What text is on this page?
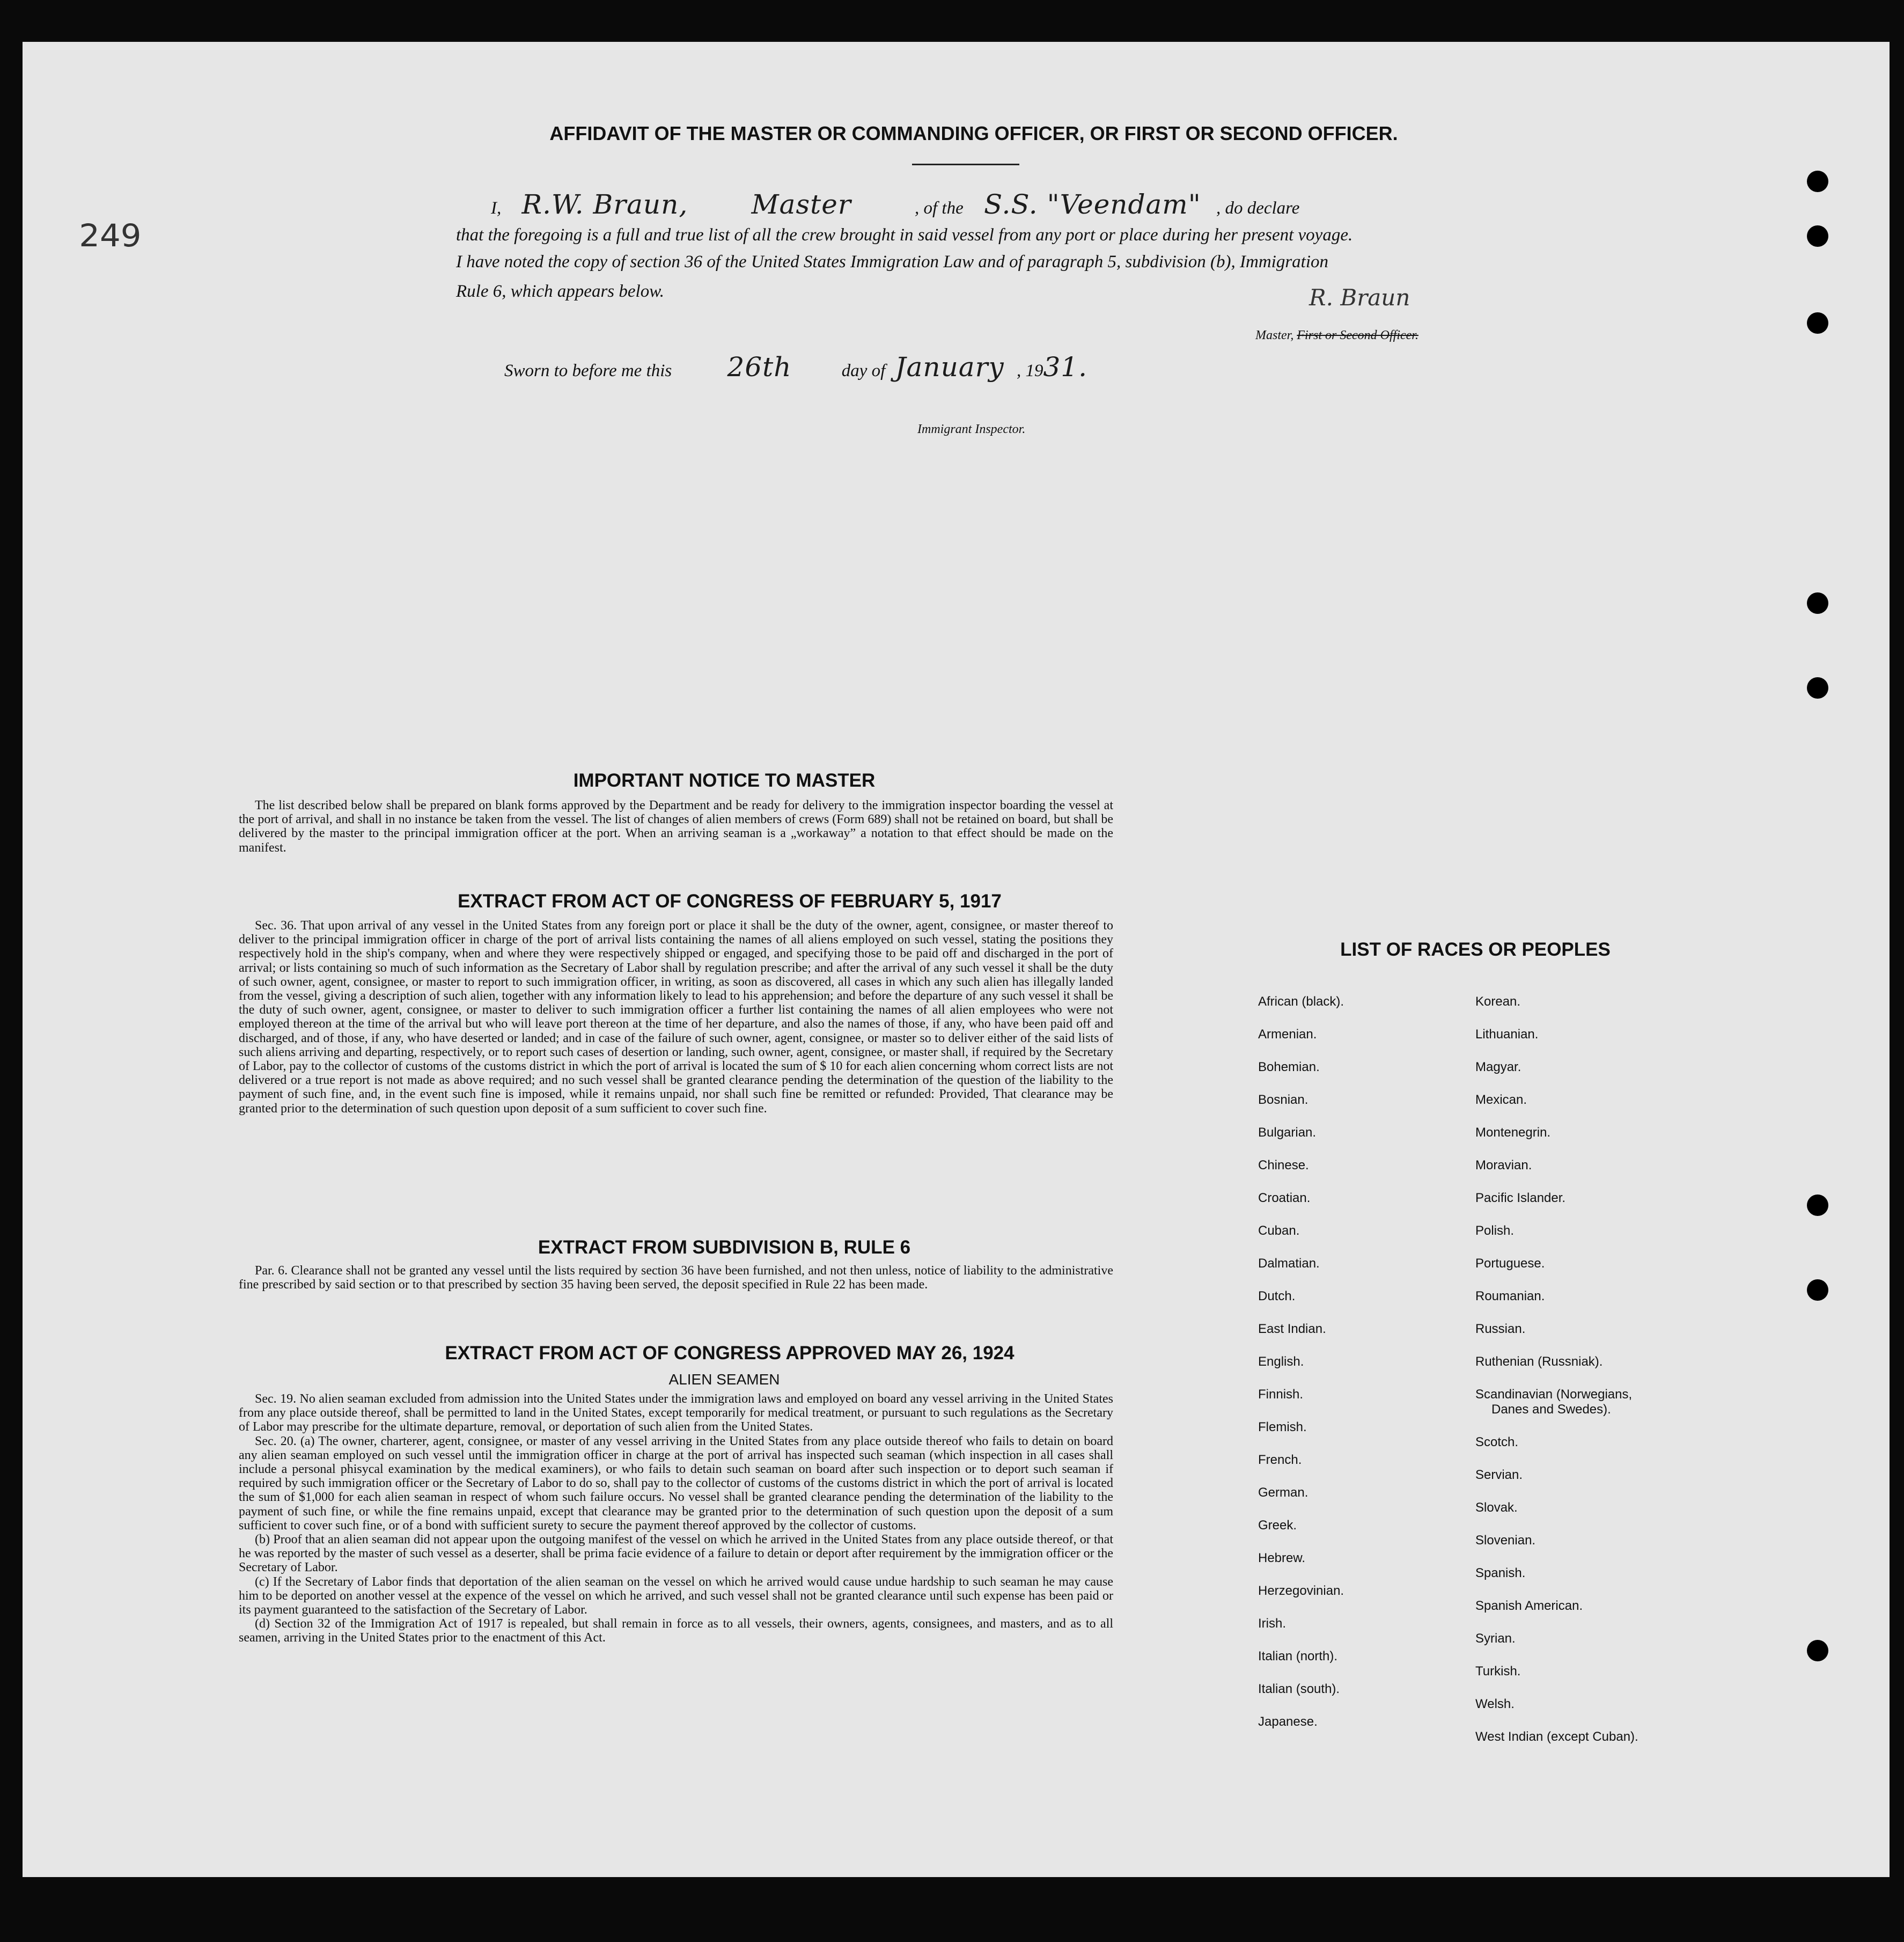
249
AFFIDAVIT OF THE MASTER OR COMMANDING OFFICER, OR FIRST OR SECOND OFFICER.
I, R.W. Braun, Master	, of the S.S. "Veendam" , do declare
that the foregoing is a full and true list of all the crew brought in said vessel from any port or place during her present voyage.
I have noted the copy of section 36 of the United States Immigration Law and of paragraph 5, subdivision (b), Immigration
Rule 6, which appears below.	R. Braun
Master, First or Second Officer.
Sworn to before me this 26th	day of January , 1931.
Immigrant Inspector.
IMPORTANT NOTICE TO MASTER

The list described below shall be prepared on blank forms approved by the Department and be ready for delivery to the immigration inspector boarding the vessel at the port of arrival, and shall in no instance be taken from the vessel. The list of changes of alien members of crews (Form 689) shall not be retained on board, but shall be delivered by the master to the principal immigration officer at the port. When an arriving seaman is a „workaway” a notation to that effect should be made on the manifest.

EXTRACT FROM ACT OF CONGRESS OF FEBRUARY 5, 1917

Sec. 36. That upon arrival of any vessel in the United States from any foreign port or place it shall be the duty of the owner, agent, consignee, or master thereof to deliver to the principal immigration officer in charge of the port of arrival lists containing the names of all aliens employed on such vessel, stating the positions they respectively hold in the ship's company, when and where they were respectively shipped or engaged, and specifying those to be paid off and discharged in the port of arrival; or lists containing so much of such information as the Secretary of Labor shall by regulation prescribe; and after the arrival of any such vessel it shall be the duty of such owner, agent, consignee, or master to report to such immigration officer, in writing, as soon as discovered, all cases in which any such alien has illegally landed from the vessel, giving a description of such alien, together with any information likely to lead to his apprehension; and before the departure of any such vessel it shall be the duty of such owner, agent, consignee, or master to deliver to such immigration officer a further list containing the names of all alien employees who were not employed thereon at the time of the arrival but who will leave port thereon at the time of her departure, and also the names of those, if any, who have been paid off and discharged, and of those, if any, who have deserted or landed; and in case of the failure of such owner, agent, consignee, or master so to deliver either of the said lists of such aliens arriving and departing, respectively, or to report such cases of desertion or landing, such owner, agent, consignee, or master shall, if required by the Secretary of Labor, pay to the collector of customs of the customs district in which the port of arrival is located the sum of $ 10 for each alien concerning whom correct lists are not delivered or a true report is not made as above required; and no such vessel shall be granted clearance pending the determination of the question of the liability to the payment of such fine, and, in the event such fine is imposed, while it remains unpaid, nor shall such fine be remitted or refunded: Provided, That clearance may be granted prior to the determination of such question upon deposit of a sum sufficient to cover such fine.

EXTRACT FROM SUBDIVISION B, RULE 6

Par. 6. Clearance shall not be granted any vessel until the lists required by section 36 have been furnished, and not then unless, notice of liability to the administrative fine prescribed by said section or to that prescribed by section 35 having been served, the deposit specified in Rule 22 has been made.

EXTRACT FROM ACT OF CONGRESS APPROVED MAY 26, 1924
ALIEN SEAMEN

Sec. 19. No alien seaman excluded from admission into the United States under the immigration laws and employed on board any vessel arriving in the United States from any place outside thereof, shall be permitted to land in the United States, except temporarily for medical treatment, or pursuant to such regulations as the Secretary of Labor may prescribe for the ultimate departure, removal, or deportation of such alien from the United States.

Sec. 20. (a) The owner, charterer, agent, consignee, or master of any vessel arriving in the United States from any place outside thereof who fails to detain on board any alien seaman employed on such vessel until the immigration officer in charge at the port of arrival has inspected such seaman (which inspection in all cases shall include a personal phisycal examination by the medical examiners), or who fails to detain such seaman on board after such inspection or to deport such seaman if required by such immigration officer or the Secretary of Labor to do so, shall pay to the collector of customs of the customs district in which the port of arrival is located the sum of $1,000 for each alien seaman in respect of whom such failure occurs. No vessel shall be granted clearance pending the determination of the liability to the payment of such fine, or while the fine remains unpaid, except that clearance may be granted prior to the determination of such question upon the deposit of a sum sufficient to cover such fine, or of a bond with sufficient surety to secure the payment thereof approved by the collector of customs.

(b) Proof that an alien seaman did not appear upon the outgoing manifest of the vessel on which he arrived in the United States from any place outside thereof, or that he was reported by the master of such vessel as a deserter, shall be prima facie evidence of a failure to detain or deport after requirement by the immigration officer or the Secretary of Labor.

(c) If the Secretary of Labor finds that deportation of the alien seaman on the vessel on which he arrived would cause undue hardship to such seaman he may cause him to be deported on another vessel at the expence of the vessel on which he arrived, and such vessel shall not be granted clearance until such expense has been paid or its payment guaranteed to the satisfaction of the Secretary of Labor.

(d) Section 32 of the Immigration Act of 1917 is repealed, but shall remain in force as to all vessels, their owners, agents, consignees, and masters, and as to all seamen, arriving in the United States prior to the enactment of this Act.

LIST OF RACES OR PEOPLES
African (black).
Armenian.
Bohemian.
Bosnian.
Bulgarian.
Chinese.
Croatian.
Cuban.
Dalmatian.
Dutch.
East Indian.
English.
Finnish.
Flemish.
French.
German.
Greek.
Hebrew.
Herzegovinian.
Irish.
Italian (north).
Italian (south).
Japanese.
Korean.
Lithuanian.
Magyar.
Mexican.
Montenegrin.
Moravian.
Pacific Islander.
Polish.
Portuguese.
Roumanian.
Russian.
Ruthenian (Russniak).
Scandinavian (Norwegians,
Danes and Swedes).
Scotch.
Servian.
Slovak.
Slovenian.
Spanish.
Spanish American.
Syrian.
Turkish.
Welsh.
West Indian (except Cuban).
